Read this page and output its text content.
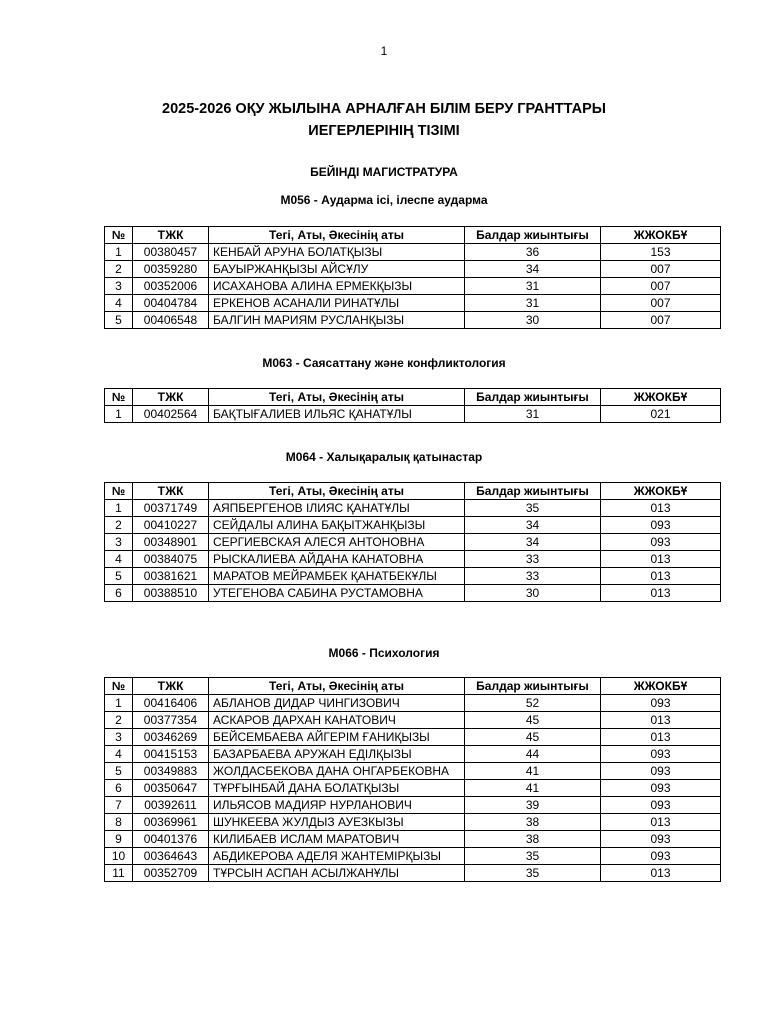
1
2025-2026 ОҚУ ЖЫЛЫНА АРНАЛҒАН БІЛІМ БЕРУ ГРАНТТАРЫ
ИЕГЕРЛЕРІНІҢ ТІЗІМІ
БЕЙІНДІ МАГИСТРАТУРА
M056 - Аударма ісі, ілеспе аударма
№	ТЖК	Тегі, Аты, Әкесінің аты	Балдар жиынтығы	ЖЖОКБҰ
1	00380457	КЕНБАЙ АРУНА БОЛАТҚЫЗЫ	36	153
2	00359280	БАУЫРЖАНҚЫЗЫ АЙСҰЛУ	34	007
3	00352006	ИСАХАНОВА АЛИНА ЕРМЕКҚЫЗЫ	31	007
4	00404784	ЕРКЕНОВ АСАНАЛИ РИНАТҰЛЫ	31	007
5	00406548	БАЛГИН МАРИЯМ РУСЛАНҚЫЗЫ	30	007
M063 - Саясаттану және конфликтология
№	ТЖК	Тегі, Аты, Әкесінің аты	Балдар жиынтығы	ЖЖОКБҰ
1	00402564	БАҚТЫҒАЛИЕВ ИЛЬЯС ҚАНАТҰЛЫ	31	021
M064 - Халықаралық қатынастар
№	ТЖК	Тегі, Аты, Әкесінің аты	Балдар жиынтығы	ЖЖОКБҰ
1	00371749	АЯПБЕРГЕНОВ ІЛИЯС ҚАНАТҰЛЫ	35	013
2	00410227	СЕЙДАЛЫ АЛИНА БАҚЫТЖАНҚЫЗЫ	34	093
3	00348901	СЕРГИЕВСКАЯ АЛЕСЯ АНТОНОВНА	34	093
4	00384075	РЫСКАЛИЕВА АЙДАНА КАНАТОВНА	33	013
5	00381621	МАРАТОВ МЕЙРАМБЕК ҚАНАТБЕКҰЛЫ	33	013
6	00388510	УТЕГЕНОВА САБИНА РУСТАМОВНА	30	013
M066 - Психология
№	ТЖК	Тегі, Аты, Әкесінің аты	Балдар жиынтығы	ЖЖОКБҰ
1	00416406	АБЛАНОВ ДИДАР ЧИНГИЗОВИЧ	52	093
2	00377354	АСКАРОВ ДАРХАН КАНАТОВИЧ	45	013
3	00346269	БЕЙСЕМБАЕВА АЙГЕРІМ ҒАНИҚЫЗЫ	45	013
4	00415153	БАЗАРБАЕВА АРУЖАН ЕДІЛҚЫЗЫ	44	093
5	00349883	ЖОЛДАСБЕКОВА ДАНА ОНГАРБЕКОВНА	41	093
6	00350647	ТҰРҒЫНБАЙ ДАНА БОЛАТҚЫЗЫ	41	093
7	00392611	ИЛЬЯСОВ МАДИЯР НУРЛАНОВИЧ	39	093
8	00369961	ШУНКЕЕВА ЖУЛДЫЗ АУЕЗКЫЗЫ	38	013
9	00401376	КИЛИБАЕВ ИСЛАМ МАРАТОВИЧ	38	093
10	00364643	АБДИКЕРОВА АДЕЛЯ ЖАНТЕМІРҚЫЗЫ	35	093
11	00352709	ТҰРСЫН АСПАН АСЫЛЖАНҰЛЫ	35	013
